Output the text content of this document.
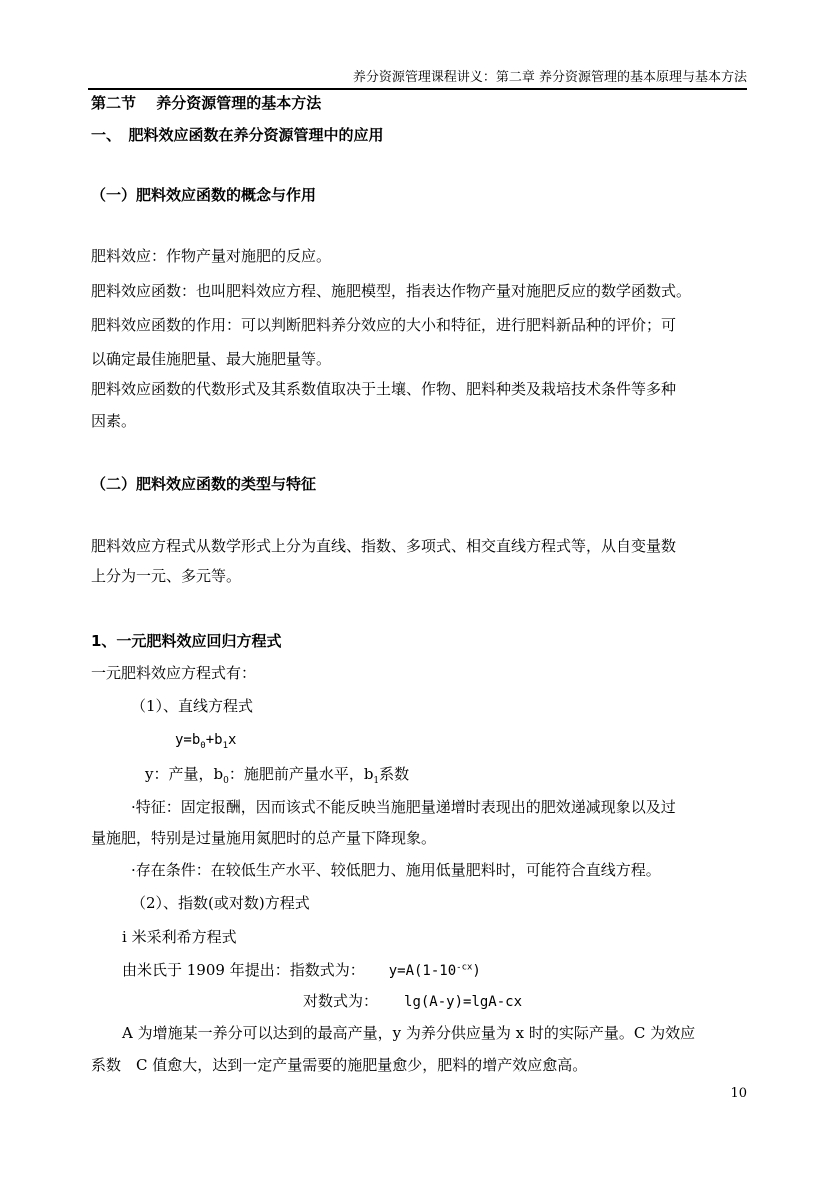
养分资源管理课程讲义：第二章 养分资源管理的基本原理与基本方法
第二节　 养分资源管理的基本方法
一、　肥料效应函数在养分资源管理中的应用
（一）肥料效应函数的概念与作用
肥料效应：作物产量对施肥的反应。
肥料效应函数：也叫肥料效应方程、施肥模型，指表达作物产量对施肥反应的数学函数式。
肥料效应函数的作用：可以判断肥料养分效应的大小和特征，进行肥料新品种的评价；可
以确定最佳施肥量、最大施肥量等。
肥料效应函数的代数形式及其系数值取决于土壤、作物、肥料种类及栽培技术条件等多种
因素。
（二）肥料效应函数的类型与特征
肥料效应方程式从数学形式上分为直线、指数、多项式、相交直线方程式等，从自变量数
上分为一元、多元等。
1、一元肥料效应回归方程式
一元肥料效应方程式有：
（1）、直线方程式
$y=b_0+b_1x$
y：产量，$b_0$：施肥前产量水平，$b_1$系数
·特征：固定报酬，因而该式不能反映当施肥量递增时表现出的肥效递减现象以及过
量施肥，特别是过量施用氮肥时的总产量下降现象。
·存在条件：在较低生产水平、较低肥力、施用低量肥料时，可能符合直线方程。
（2）、指数(或对数)方程式
i 米采利希方程式
由米氏于 1909 年提出：指数式为： $y=A(1-10^{-cx})$
对数式为： lg(A-y)=lgA-cx
A 为增施某一养分可以达到的最高产量，y 为养分供应量为 x 时的实际产量。C 为效应
系数　C 值愈大，达到一定产量需要的施肥量愈少，肥料的增产效应愈高。
10
